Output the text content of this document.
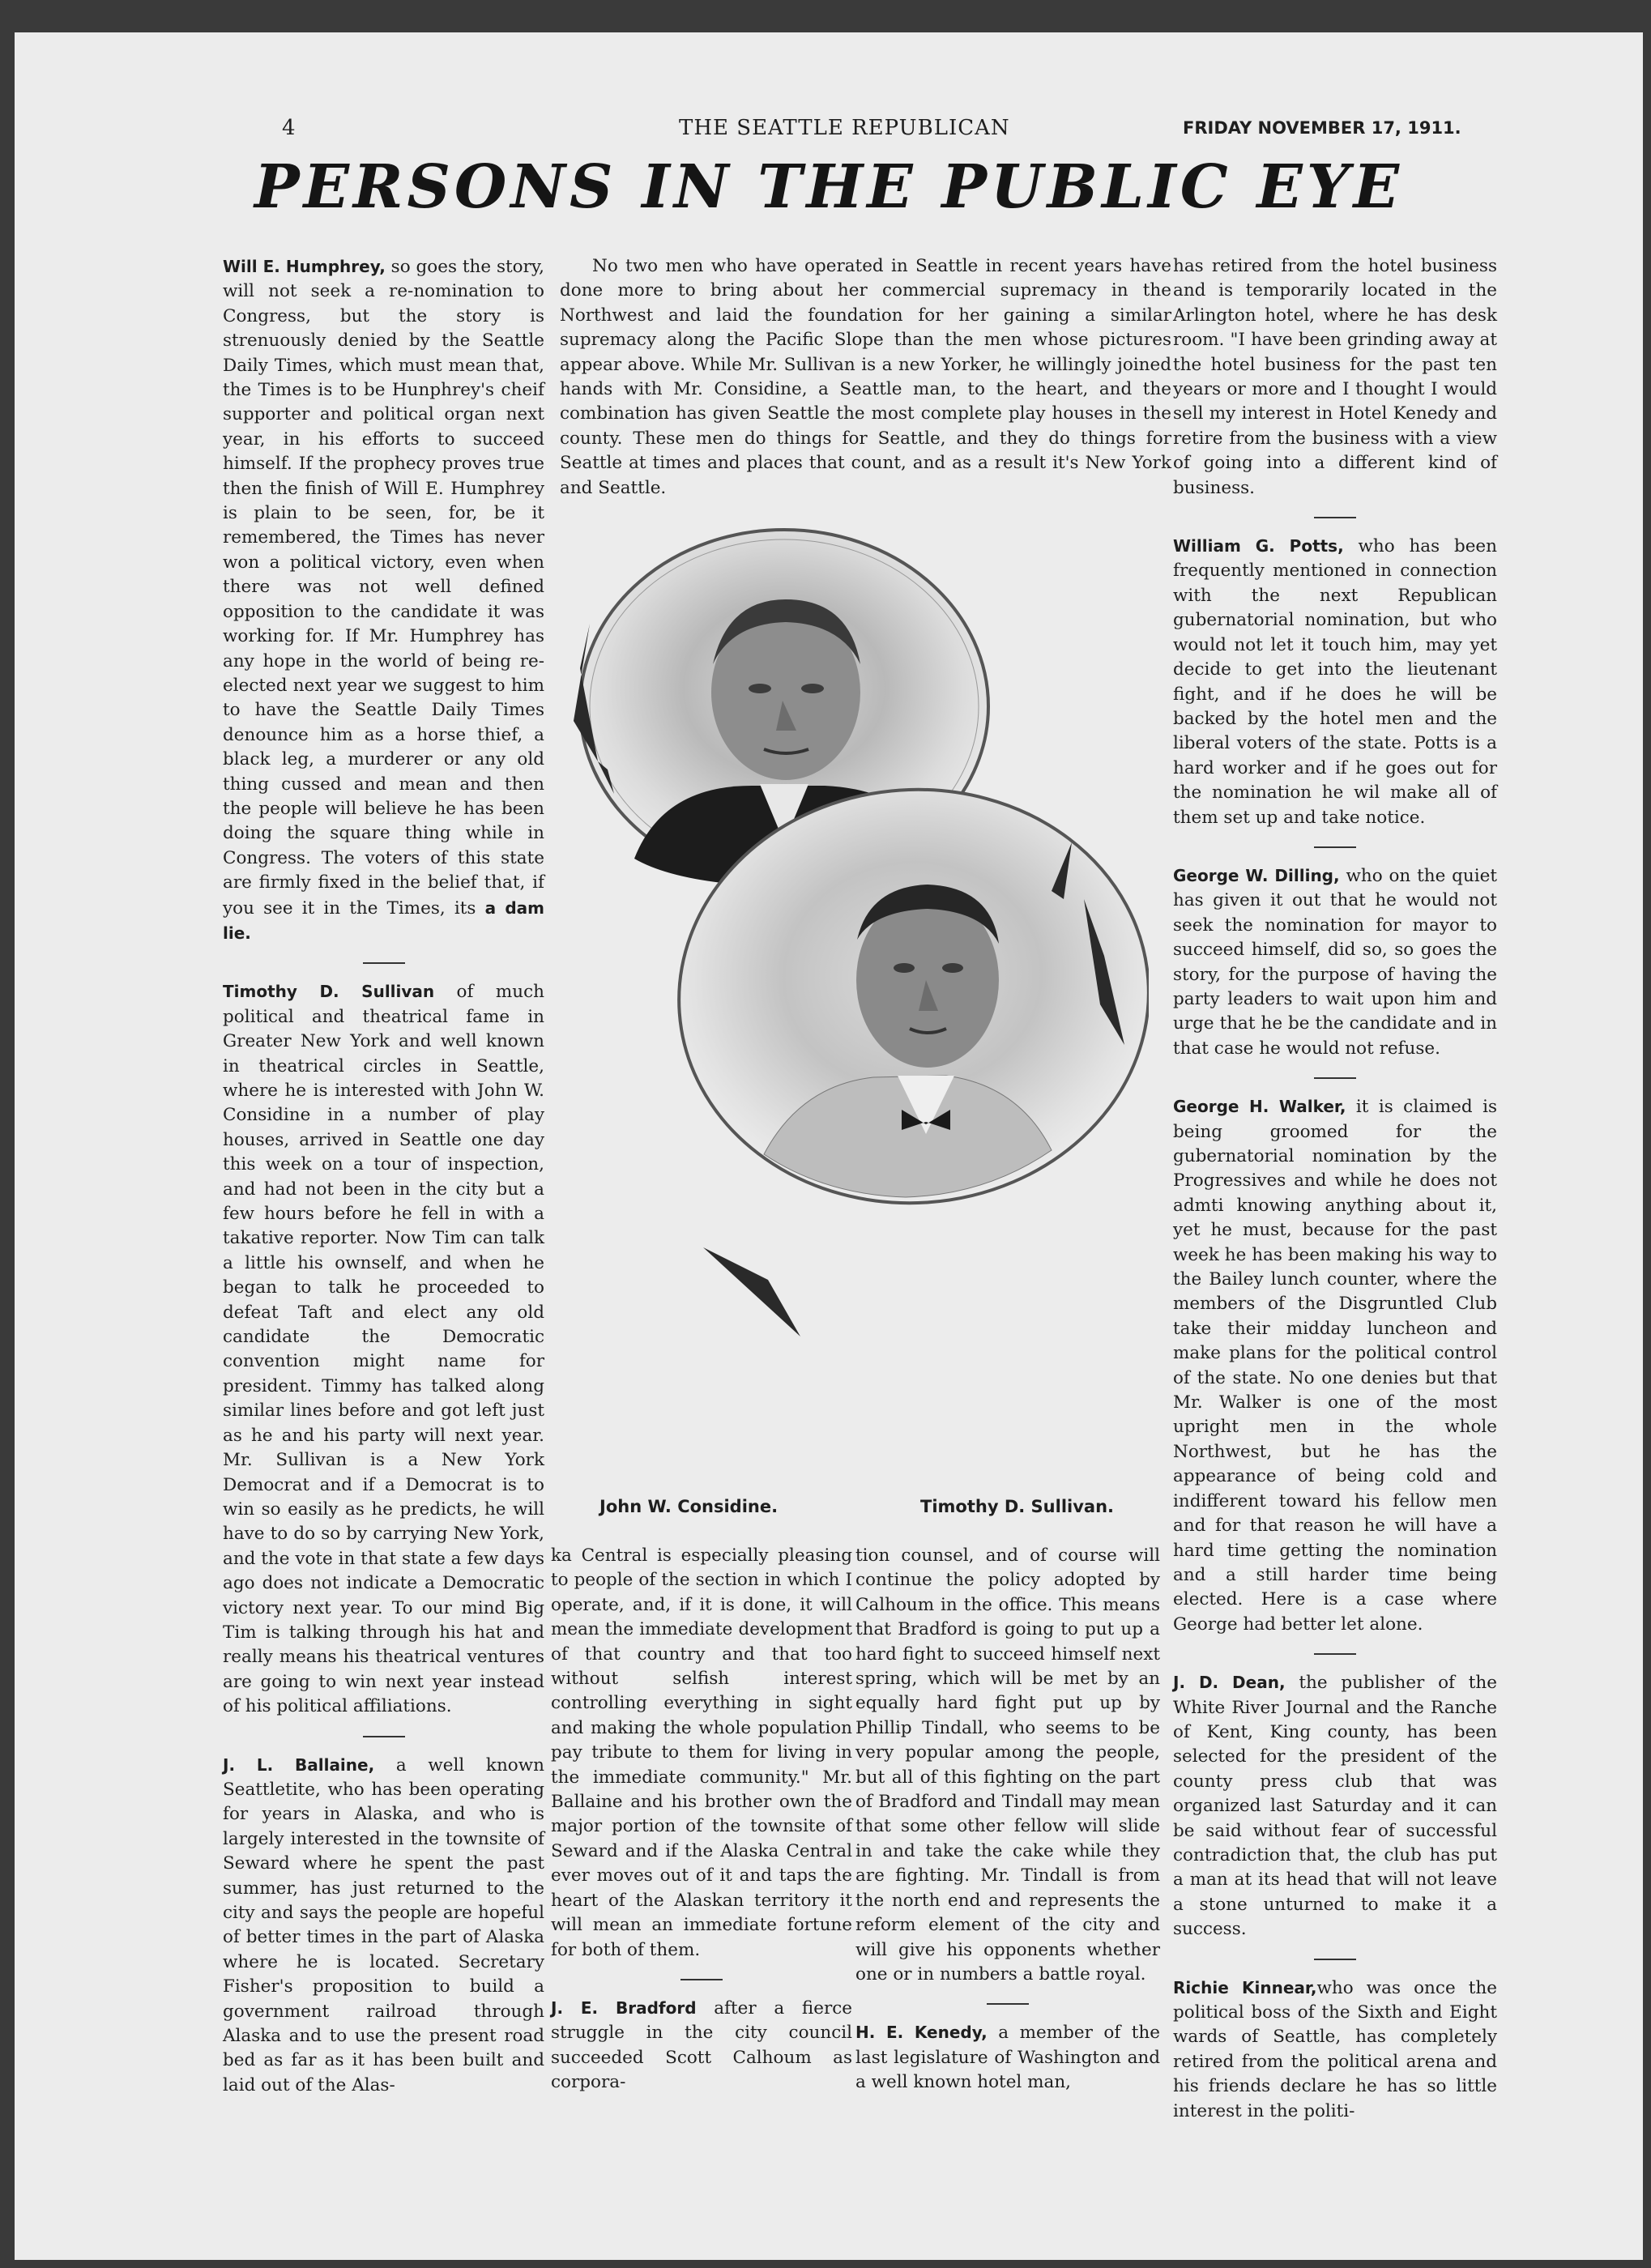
4	THE SEATTLE REPUBLICAN	FRIDAY NOVEMBER 17, 1911.
PERSONS IN THE PUBLIC EYE

Will E. Humphrey, so goes the story, will not seek a re-nomination to Congress, but the story is strenuously denied by the Seattle Daily Times, which must mean that, the Times is to be Hunphrey's cheif supporter and political organ next year, in his efforts to succeed himself. If the prophecy proves true then the finish of Will E. Humphrey is plain to be seen, for, be it remembered, the Times has never won a political victory, even when there was not well defined opposition to the candidate it was working for. If Mr. Humphrey has any hope in the world of being re-elected next year we suggest to him to have the Seattle Daily Times denounce him as a horse thief, a black leg, a murderer or any old thing cussed and mean and then the people will believe he has been doing the square thing while in Congress. The voters of this state are firmly fixed in the belief that, if you see it in the Times, its a dam lie.

Timothy D. Sullivan of much political and theatrical fame in Greater New York and well known in theatrical circles in Seattle, where he is interested with John W. Considine in a number of play houses, arrived in Seattle one day this week on a tour of inspection, and had not been in the city but a few hours before he fell in with a takative reporter. Now Tim can talk a little his ownself, and when he began to talk he proceeded to defeat Taft and elect any old candidate the Democratic convention might name for president. Timmy has talked along similar lines before and got left just as he and his party will next year. Mr. Sullivan is a New York Democrat and if a Democrat is to win so easily as he predicts, he will have to do so by carrying New York, and the vote in that state a few days ago does not indicate a Democratic victory next year. To our mind Big Tim is talking through his hat and really means his theatrical ventures are going to win next year instead of his political affiliations.

J. L. Ballaine, a well known Seattletite, who has been operating for years in Alaska, and who is largely interested in the townsite of Seward where he spent the past summer, has just returned to the city and says the people are hopeful of better times in the part of Alaska where he is located. Secretary Fisher's proposition to build a government railroad through Alaska and to use the present road bed as far as it has been built and laid out of the Alas-

No two men who have operated in Seattle in recent years have done more to bring about her commercial supremacy in the Northwest and laid the foundation for her gaining a similar supremacy along the Pacific Slope than the men whose pictures appear above. While Mr. Sullivan is a new Yorker, he willingly joined hands with Mr. Considine, a Seattle man, to the heart, and the combination has given Seattle the most complete play houses in the county. These men do things for Seattle, and they do things for Seattle at times and places that count, and as a result it's New York and Seattle.

John W. Considine.	Timothy D. Sullivan.

ka Central is especially pleasing to people of the section in which I operate, and, if it is done, it will mean the immediate development of that country and that too without selfish interest controlling everything in sight and making the whole population pay tribute to them for living in the immediate community." Mr. Ballaine and his brother own the major portion of the townsite of Seward and if the Alaska Central ever moves out of it and taps the heart of the Alaskan territory it will mean an immediate fortune for both of them.

J. E. Bradford after a fierce struggle in the city council succeeded Scott Calhoum as corpora-

tion counsel, and of course will continue the policy adopted by Calhoum in the office. This means that Bradford is going to put up a hard fight to succeed himself next spring, which will be met by an equally hard fight put up by Phillip Tindall, who seems to be very popular among the people, but all of this fighting on the part of Bradford and Tindall may mean that some other fellow will slide in and take the cake while they are fighting. Mr. Tindall is from the north end and represents the reform element of the city and will give his opponents whether one or in numbers a battle royal.

H. E. Kenedy, a member of the last legislature of Washington and a well known hotel man,

has retired from the hotel business and is temporarily located in the Arlington hotel, where he has desk room. "I have been grinding away at the hotel business for the past ten years or more and I thought I would sell my interest in Hotel Kenedy and retire from the business with a view of going into a different kind of business.

William G. Potts, who has been frequently mentioned in connection with the next Republican gubernatorial nomination, but who would not let it touch him, may yet decide to get into the lieutenant fight, and if he does he will be backed by the hotel men and the liberal voters of the state. Potts is a hard worker and if he goes out for the nomination he wil make all of them set up and take notice.

George W. Dilling, who on the quiet has given it out that he would not seek the nomination for mayor to succeed himself, did so, so goes the story, for the purpose of having the party leaders to wait upon him and urge that he be the candidate and in that case he would not refuse.

George H. Walker, it is claimed is being groomed for the gubernatorial nomination by the Progressives and while he does not admti knowing anything about it, yet he must, because for the past week he has been making his way to the Bailey lunch counter, where the members of the Disgruntled Club take their midday luncheon and make plans for the political control of the state. No one denies but that Mr. Walker is one of the most upright men in the whole Northwest, but he has the appearance of being cold and indifferent toward his fellow men and for that reason he will have a hard time getting the nomination and a still harder time being elected. Here is a case where George had better let alone.

J. D. Dean, the publisher of the White River Journal and the Ranche of Kent, King county, has been selected for the president of the county press club that was organized last Saturday and it can be said without fear of successful contradiction that, the club has put a man at its head that will not leave a stone unturned to make it a success.

Richie Kinnear,who was once the political boss of the Sixth and Eight wards of Seattle, has completely retired from the political arena and his friends declare he has so little interest in the politi-
